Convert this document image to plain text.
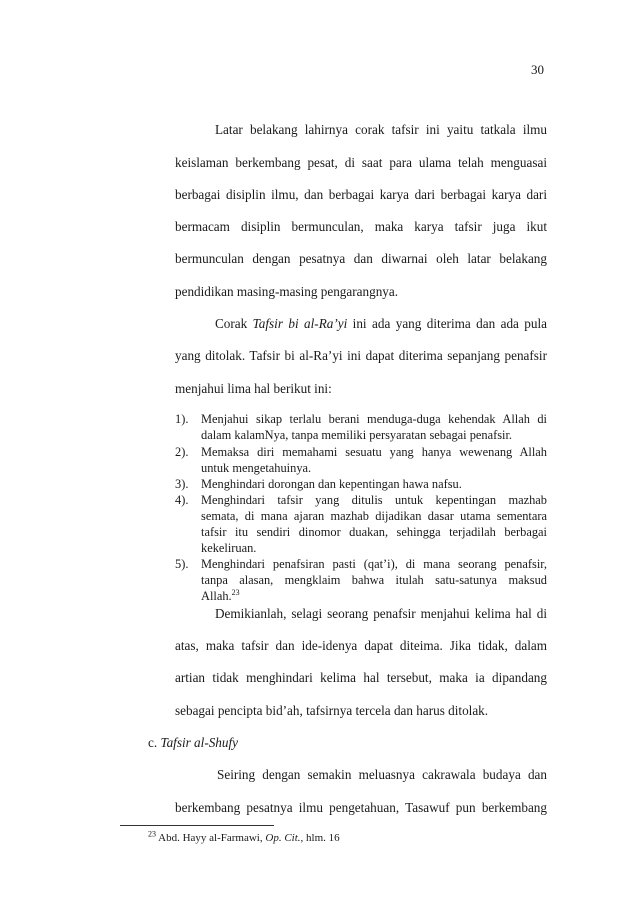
30
Latar belakang lahirnya corak tafsir ini yaitu tatkala ilmu
keislaman berkembang pesat, di saat para ulama telah menguasai
berbagai disiplin ilmu, dan berbagai karya dari berbagai karya dari
bermacam disiplin bermunculan, maka karya tafsir juga ikut
bermunculan dengan pesatnya dan diwarnai oleh latar belakang
pendidikan masing-masing pengarangnya.
Corak Tafsir bi al-Ra’yi ini ada yang diterima dan ada pula
yang ditolak. Tafsir bi al-Ra’yi ini dapat diterima sepanjang penafsir
menjahui lima hal berikut ini:
1). Menjahui sikap terlalu berani menduga-duga kehendak Allah di
dalam kalamNya, tanpa memiliki persyaratan sebagai penafsir.
2). Memaksa diri memahami sesuatu yang hanya wewenang Allah
untuk mengetahuinya.
3). Menghindari dorongan dan kepentingan hawa nafsu.
4). Menghindari tafsir yang ditulis untuk kepentingan mazhab
semata, di mana ajaran mazhab dijadikan dasar utama sementara
tafsir itu sendiri dinomor duakan, sehingga terjadilah berbagai
kekeliruan.
5). Menghindari penafsiran pasti (qat’i), di mana seorang penafsir,
tanpa alasan, mengklaim bahwa itulah satu-satunya maksud
Allah.$^{23}$
Demikianlah, selagi seorang penafsir menjahui kelima hal di
atas, maka tafsir dan ide-idenya dapat diteima. Jika tidak, dalam
artian tidak menghindari kelima hal tersebut, maka ia dipandang
sebagai pencipta bid’ah, tafsirnya tercela dan harus ditolak.
c. Tafsir al-Shufy
Seiring dengan semakin meluasnya cakrawala budaya dan
berkembang pesatnya ilmu pengetahuan, Tasawuf pun berkembang
$^{23}$ Abd. Hayy al-Farmawi, Op. Cit., hlm. 16
